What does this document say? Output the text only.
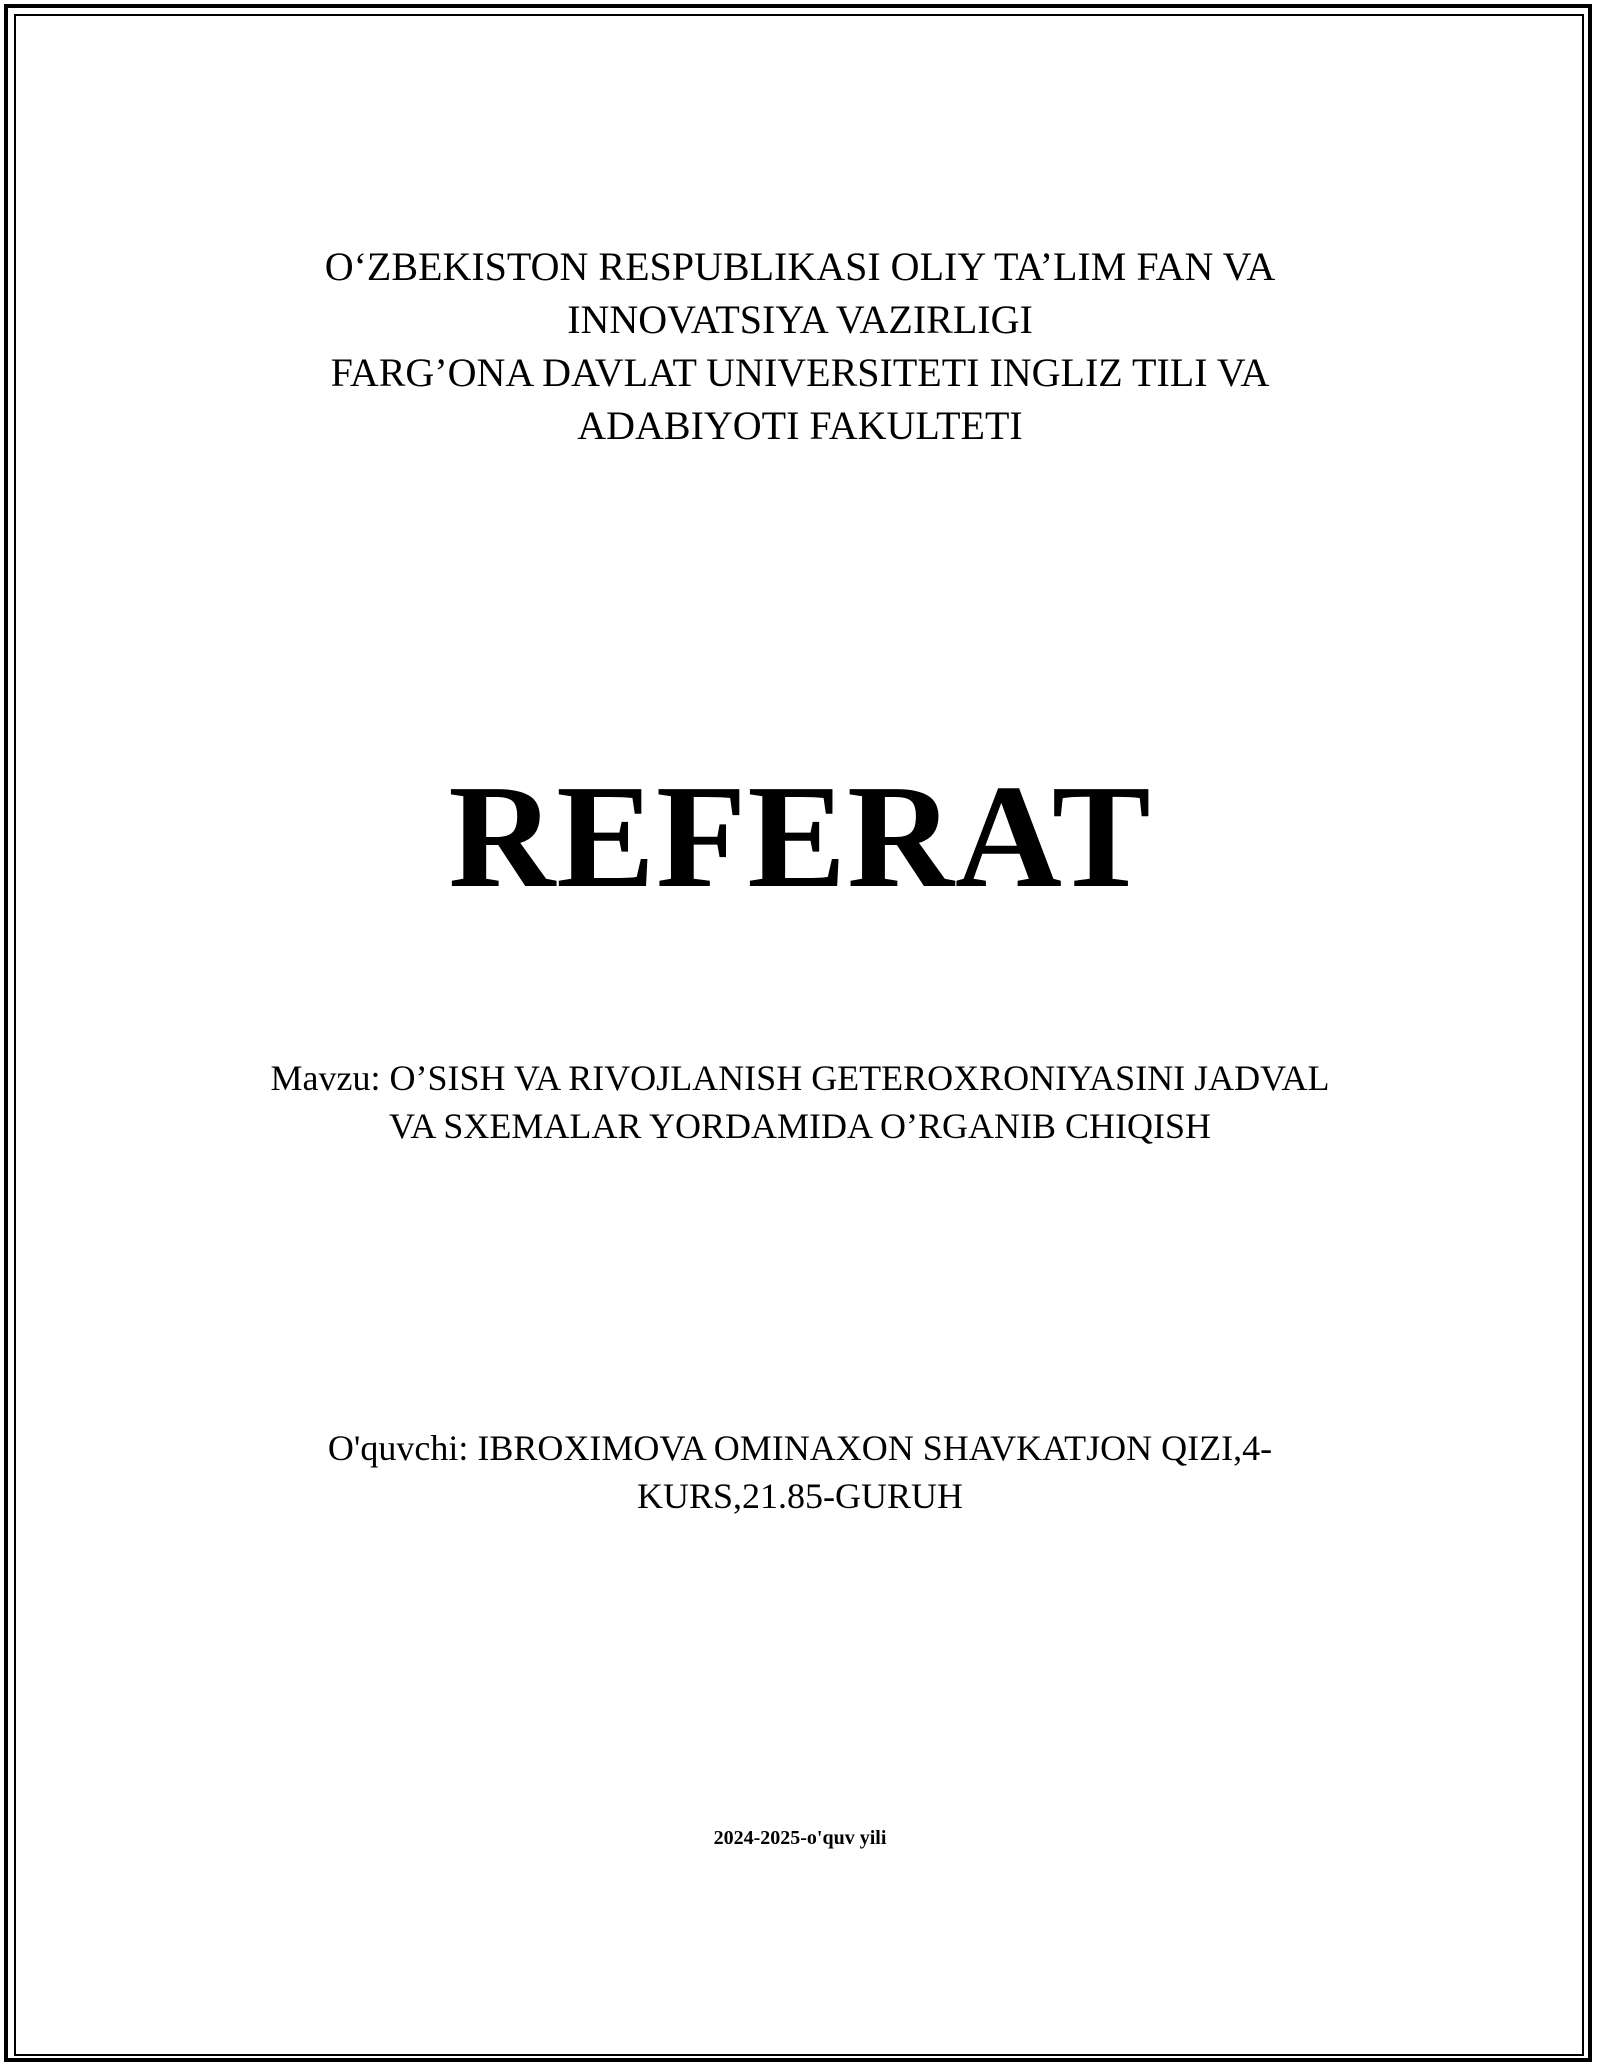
O‘ZBEKISTON RESPUBLIKASI OLIY TA’LIM FAN VA
INNOVATSIYA VAZIRLIGI
FARG’ONA DAVLAT UNIVERSITETI INGLIZ TILI VA
ADABIYOTI FAKULTETI
REFERAT
Mavzu: O’SISH VA RIVOJLANISH GETEROXRONIYASINI JADVAL
VA SXEMALAR YORDAMIDA O’RGANIB CHIQISH
O'quvchi: IBROXIMOVA OMINAXON SHAVKATJON QIZI,4-
KURS,21.85-GURUH
2024-2025-o'quv yili
